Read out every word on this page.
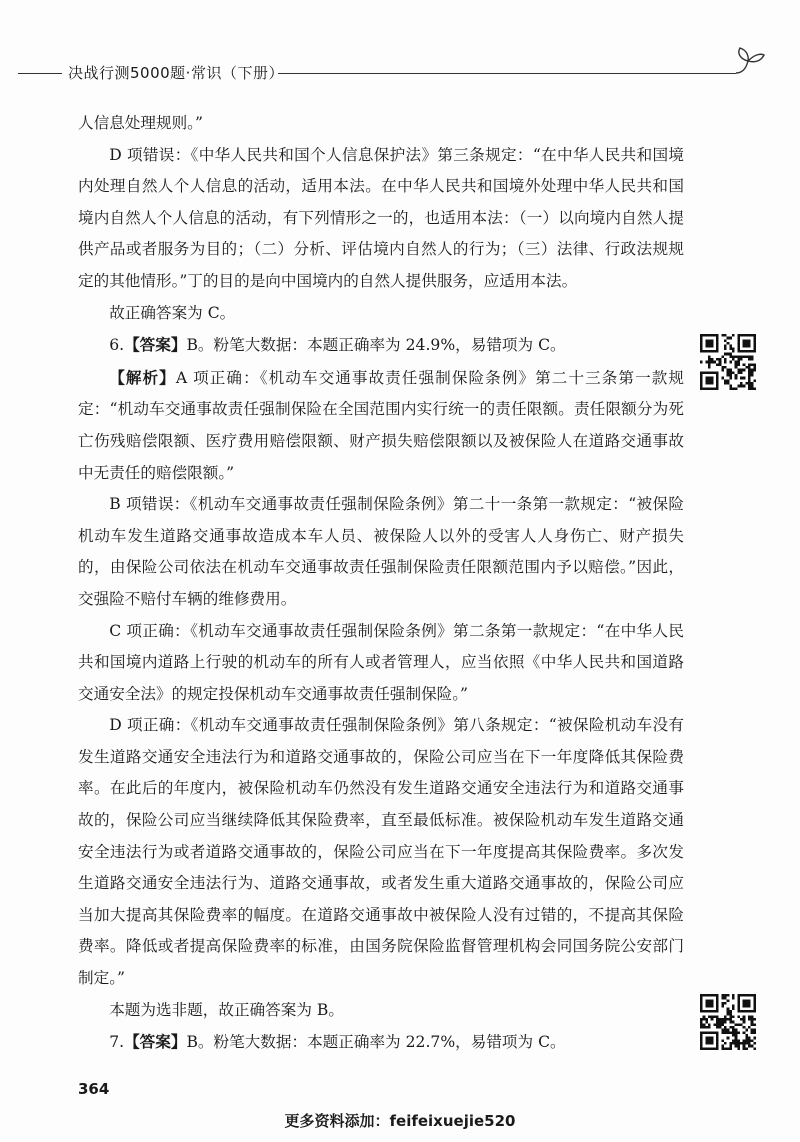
决战行测5000题·常识（下册）

人信息处理规则。”

D 项错误：《中华人民共和国个人信息保护法》第三条规定：“在中华人民共和国境内处理自然人个人信息的活动，适用本法。在中华人民共和国境外处理中华人民共和国境内自然人个人信息的活动，有下列情形之一的，也适用本法：（一）以向境内自然人提供产品或者服务为目的；（二）分析、评估境内自然人的行为；（三）法律、行政法规规定的其他情形。”丁的目的是向中国境内的自然人提供服务，应适用本法。

故正确答案为 C。

6.【答案】B。粉笔大数据：本题正确率为 24.9%，易错项为 C。

【解析】A 项正确：《机动车交通事故责任强制保险条例》第二十三条第一款规定：“机动车交通事故责任强制保险在全国范围内实行统一的责任限额。责任限额分为死亡伤残赔偿限额、医疗费用赔偿限额、财产损失赔偿限额以及被保险人在道路交通事故中无责任的赔偿限额。”

B 项错误：《机动车交通事故责任强制保险条例》第二十一条第一款规定：“被保险机动车发生道路交通事故造成本车人员、被保险人以外的受害人人身伤亡、财产损失的，由保险公司依法在机动车交通事故责任强制保险责任限额范围内予以赔偿。”因此，交强险不赔付车辆的维修费用。

C 项正确：《机动车交通事故责任强制保险条例》第二条第一款规定：“在中华人民共和国境内道路上行驶的机动车的所有人或者管理人，应当依照《中华人民共和国道路交通安全法》的规定投保机动车交通事故责任强制保险。”

D 项正确：《机动车交通事故责任强制保险条例》第八条规定：“被保险机动车没有发生道路交通安全违法行为和道路交通事故的，保险公司应当在下一年度降低其保险费率。在此后的年度内，被保险机动车仍然没有发生道路交通安全违法行为和道路交通事故的，保险公司应当继续降低其保险费率，直至最低标准。被保险机动车发生道路交通安全违法行为或者道路交通事故的，保险公司应当在下一年度提高其保险费率。多次发生道路交通安全违法行为、道路交通事故，或者发生重大道路交通事故的，保险公司应当加大提高其保险费率的幅度。在道路交通事故中被保险人没有过错的，不提高其保险费率。降低或者提高保险费率的标准，由国务院保险监督管理机构会同国务院公安部门制定。”

本题为选非题，故正确答案为 B。

7.【答案】B。粉笔大数据：本题正确率为 22.7%，易错项为 C。

364
更多资料添加：feifeixuejie520
